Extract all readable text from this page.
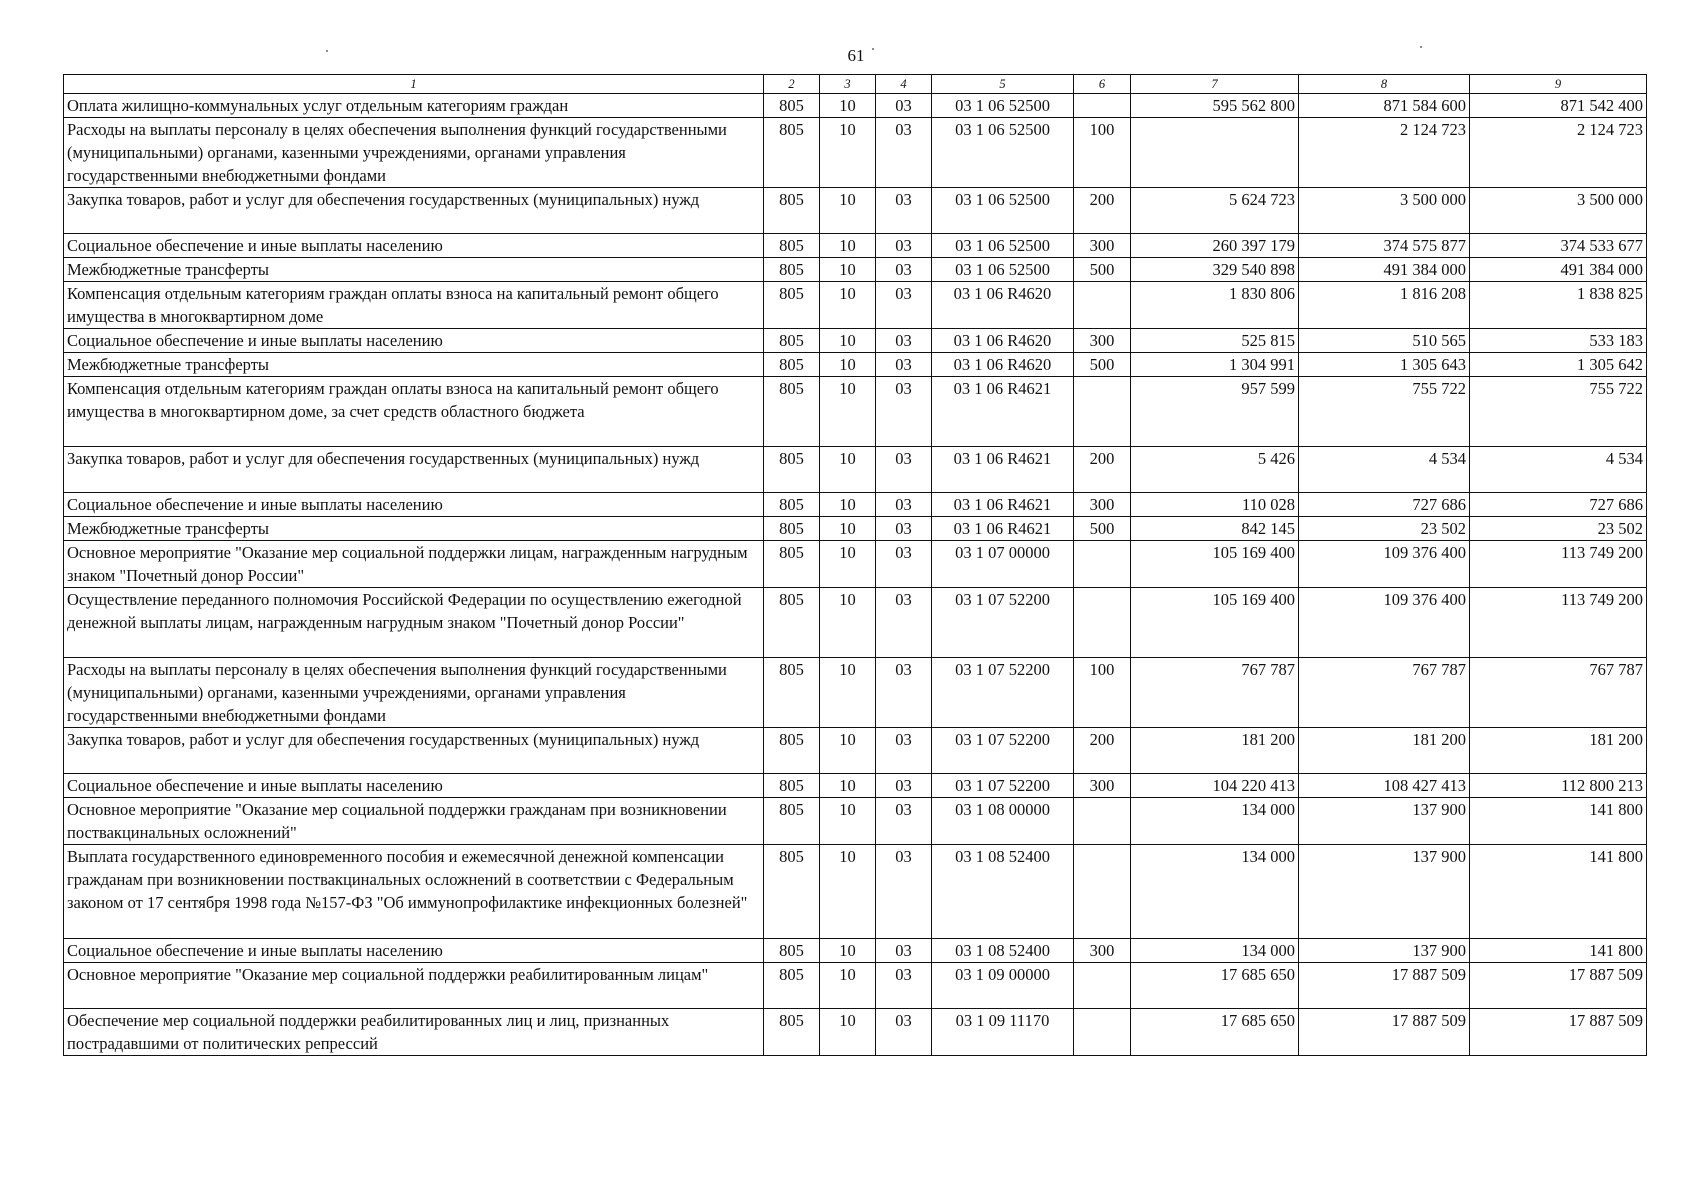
61
1	2	3	4	5	6	7	8	9
Оплата жилищно-коммунальных услуг отдельным категориям граждан	805	10	03	03 1 06 52500		595 562 800	871 584 600	871 542 400
Расходы на выплаты персоналу в целях обеспечения выполнения функций государственными (муниципальными) органами, казенными учреждениями, органами управления государственными внебюджетными фондами	805	10	03	03 1 06 52500	100		2 124 723	2 124 723
Закупка товаров, работ и услуг для обеспечения государственных (муниципальных) нужд	805	10	03	03 1 06 52500	200	5 624 723	3 500 000	3 500 000
Социальное обеспечение и иные выплаты населению	805	10	03	03 1 06 52500	300	260 397 179	374 575 877	374 533 677
Межбюджетные трансферты	805	10	03	03 1 06 52500	500	329 540 898	491 384 000	491 384 000
Компенсация отдельным категориям граждан оплаты взноса на капитальный ремонт общего имущества в многоквартирном доме	805	10	03	03 1 06 R4620		1 830 806	1 816 208	1 838 825
Социальное обеспечение и иные выплаты населению	805	10	03	03 1 06 R4620	300	525 815	510 565	533 183
Межбюджетные трансферты	805	10	03	03 1 06 R4620	500	1 304 991	1 305 643	1 305 642
Компенсация отдельным категориям граждан оплаты взноса на капитальный ремонт общего имущества в многоквартирном доме, за счет средств областного бюджета	805	10	03	03 1 06 R4621		957 599	755 722	755 722
Закупка товаров, работ и услуг для обеспечения государственных (муниципальных) нужд	805	10	03	03 1 06 R4621	200	5 426	4 534	4 534
Социальное обеспечение и иные выплаты населению	805	10	03	03 1 06 R4621	300	110 028	727 686	727 686
Межбюджетные трансферты	805	10	03	03 1 06 R4621	500	842 145	23 502	23 502
Основное мероприятие "Оказание мер социальной поддержки лицам, награжденным нагрудным знаком "Почетный донор России"	805	10	03	03 1 07 00000		105 169 400	109 376 400	113 749 200
Осуществление переданного полномочия Российской Федерации по осуществлению ежегодной денежной выплаты лицам, награжденным нагрудным знаком "Почетный донор России"	805	10	03	03 1 07 52200		105 169 400	109 376 400	113 749 200
Расходы на выплаты персоналу в целях обеспечения выполнения функций государственными (муниципальными) органами, казенными учреждениями, органами управления государственными внебюджетными фондами	805	10	03	03 1 07 52200	100	767 787	767 787	767 787
Закупка товаров, работ и услуг для обеспечения государственных (муниципальных) нужд	805	10	03	03 1 07 52200	200	181 200	181 200	181 200
Социальное обеспечение и иные выплаты населению	805	10	03	03 1 07 52200	300	104 220 413	108 427 413	112 800 213
Основное мероприятие "Оказание мер социальной поддержки гражданам при возникновении поствакцинальных осложнений"	805	10	03	03 1 08 00000		134 000	137 900	141 800
Выплата государственного единовременного пособия и ежемесячной денежной компенсации гражданам при возникновении поствакцинальных осложнений в соответствии с Федеральным законом от 17 сентября 1998 года №157-ФЗ "Об иммунопрофилактике инфекционных болезней"	805	10	03	03 1 08 52400		134 000	137 900	141 800
Социальное обеспечение и иные выплаты населению	805	10	03	03 1 08 52400	300	134 000	137 900	141 800
Основное мероприятие "Оказание мер социальной поддержки реабилитированным лицам"	805	10	03	03 1 09 00000		17 685 650	17 887 509	17 887 509
Обеспечение мер социальной поддержки реабилитированных лиц и лиц, признанных пострадавшими от политических репрессий	805	10	03	03 1 09 11170		17 685 650	17 887 509	17 887 509
